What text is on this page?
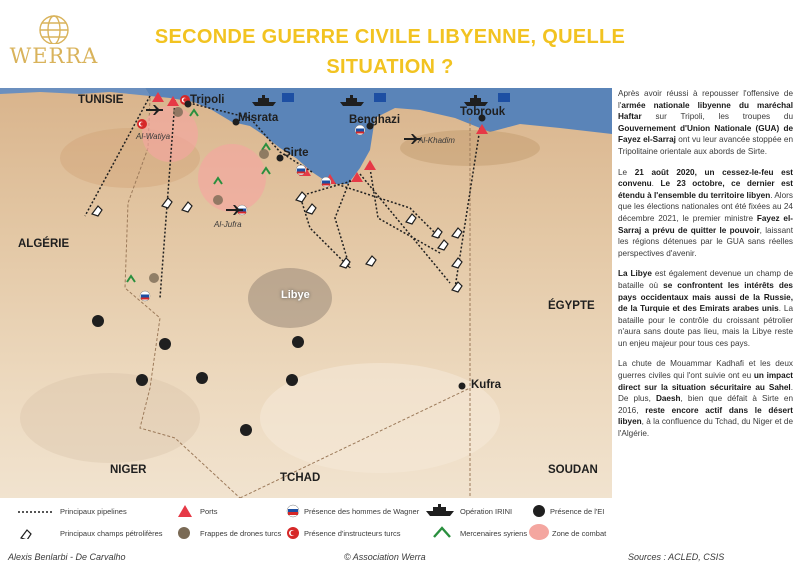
WERRA
SECONDE GUERRE CIVILE LIBYENNE, QUELLE
SITUATION ?
TUNISIE
ALGÉRIE
ÉGYPTE
NIGER
TCHAD
SOUDAN
Libye
Tripoli
Misrata
Sirte
Benghazi
Tobrouk
Kufra
Al-Watiya
Al-Jufra
Al-Khadim

Après avoir réussi à repousser l'offensive de l'armée nationale libyenne du maréchal Haftar sur Tripoli, les troupes du Gouvernement d'Union Nationale (GUA) de Fayez el-Sarraj ont vu leur avancée stoppée en Tripolitaine orientale aux abords de Sirte.

Le 21 août 2020, un cessez-le-feu est convenu. Le 23 octobre, ce dernier est étendu à l'ensemble du territoire libyen. Alors que les élections nationales ont été fixées au 24 décembre 2021, le premier ministre Fayez el-Sarraj a prévu de quitter le pouvoir, laissant les régions détenues par le GUA sans réelles perspectives d'avenir.

La Libye est également devenue un champ de bataille où se confrontent les intérêts des pays occidentaux mais aussi de la Russie, de la Turquie et des Emirats arabes unis. La bataille pour le contrôle du croissant pétrolier n'aura sans doute pas lieu, mais la Libye reste un enjeu majeur pour tous ces pays.

La chute de Mouammar Kadhafi et les deux guerres civiles qui l'ont suivie ont eu un impact direct sur la situation sécuritaire au Sahel. De plus, Daesh, bien que défait à Sirte en 2016, reste encore actif dans le désert libyen, à la confluence du Tchad, du Niger et de l'Algérie.

Principaux pipelines
Principaux champs pétrolifères
Ports
Frappes de drones turcs
Présence des hommes de Wagner
Présence d'instructeurs turcs
Opération IRINI
Mercenaires syriens
Présence de l'EI
Zone de combat
Alexis Benlarbi - De Carvalho	© Association Werra	Sources : ACLED, CSIS
